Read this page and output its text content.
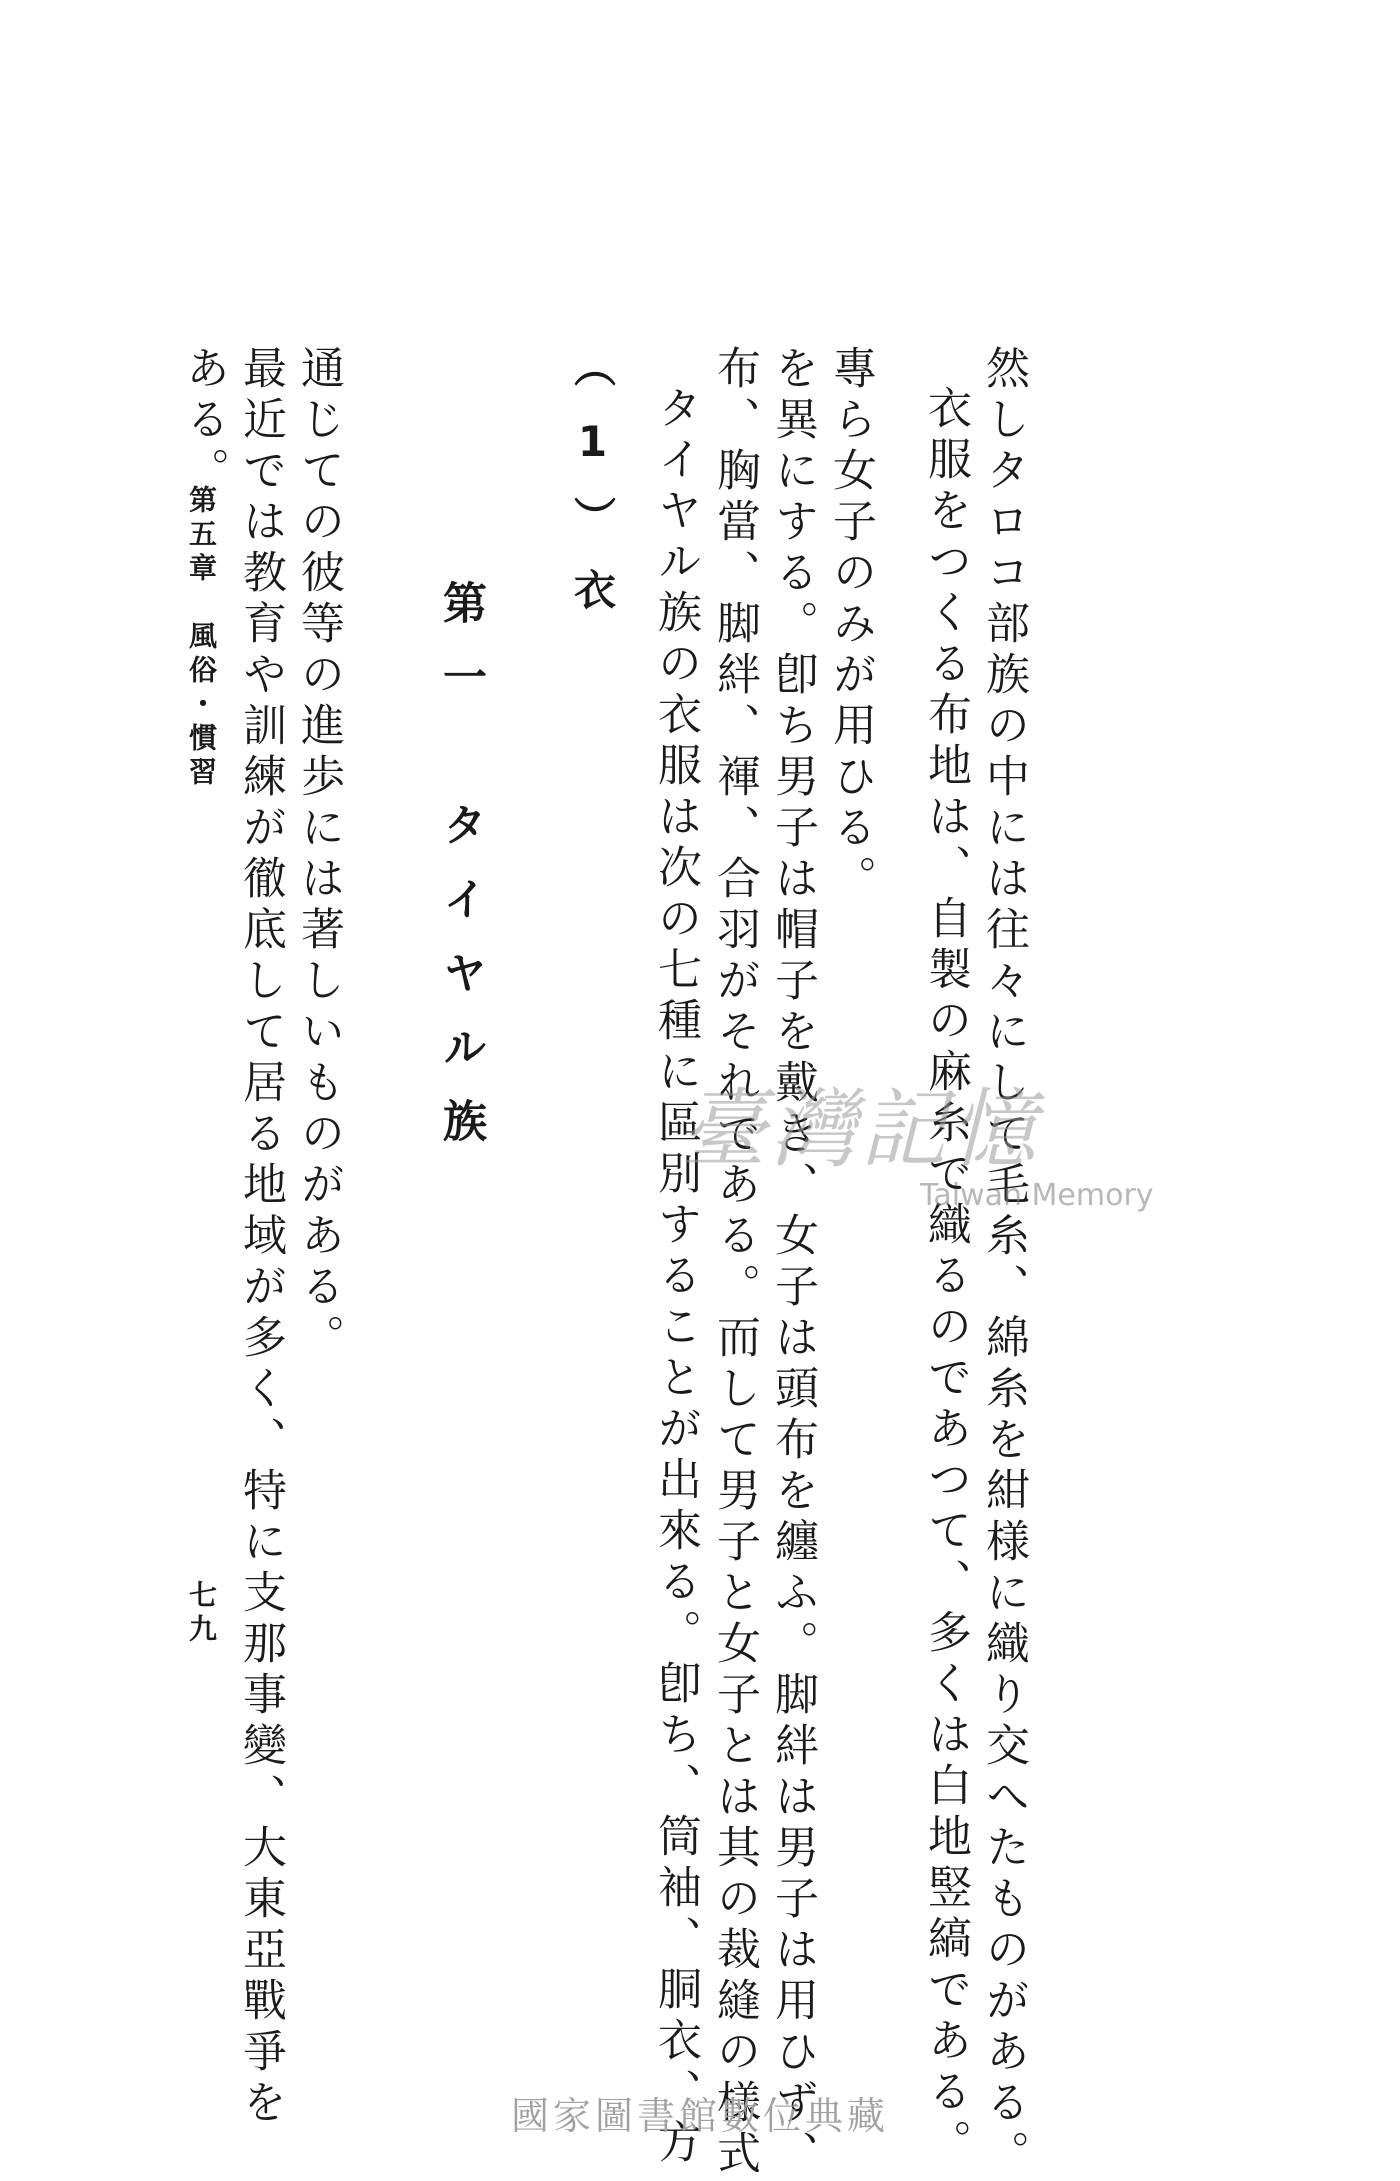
ある。 最近では教育や訓練が徹底して居る地域が多く、特に支那事變、大東亞戰爭を 通じての彼等の進歩には著しいものがある。 第一　タイヤル族
（1）衣 タイヤル族の衣服は次の七種に區別することが出來る。卽ち、筒袖、胴衣、方 布、胸當、脚絆、褌、合羽がそれである。而して男子と女子とは其の裁縫の様式 を異にする。卽ち男子は帽子を戴き、女子は頭布を纏ふ。脚絆は男子は用ひず、 專ら女子のみが用ひる。 衣服をつくる布地は、自製の麻糸で織るのであつて、多くは白地竪縞である。 然しタロコ部族の中には往々にして毛糸、綿糸を紺様に織り交へたものがある。
第五章　風俗・慣習
七九
臺灣記憶
Taiwan Memory
國家圖書館數位典藏
